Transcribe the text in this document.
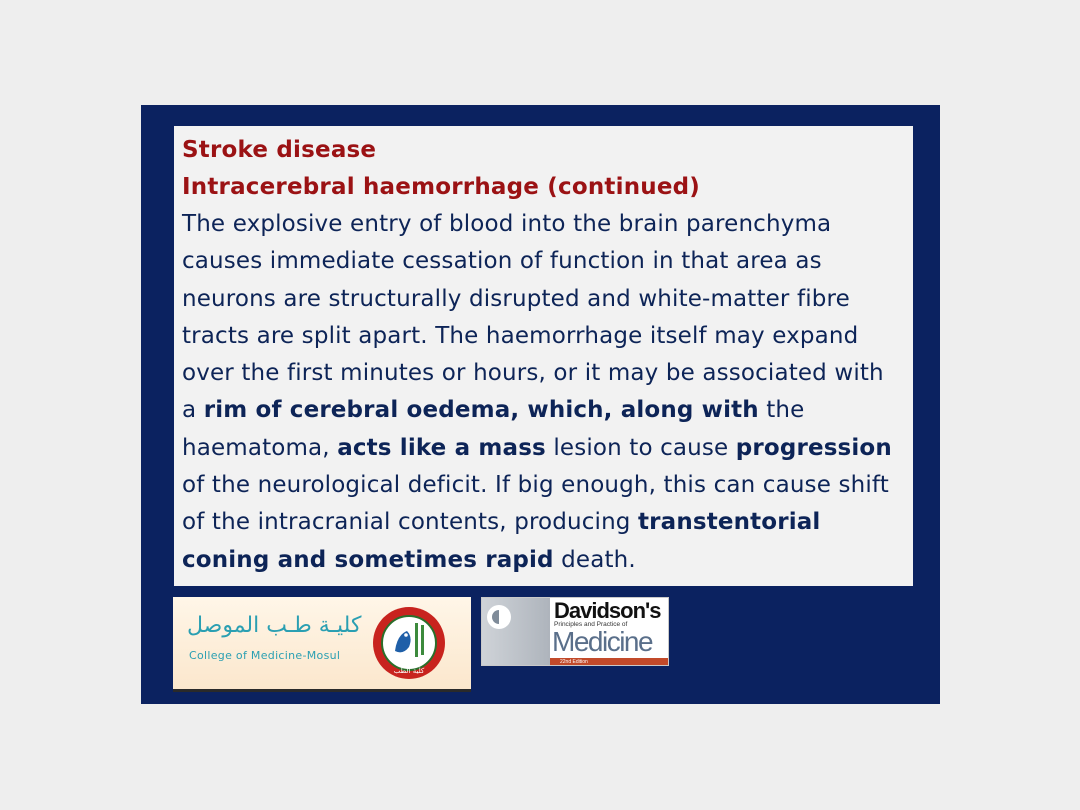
Stroke disease
Intracerebral haemorrhage (continued)
The explosive entry of blood into the brain parenchyma causes immediate cessation of function in that area as neurons are structurally disrupted and white-matter fibre tracts are split apart. The haemorrhage itself may expand over the first minutes or hours, or it may be associated with a rim of cerebral oedema, which, along with the haematoma, acts like a mass lesion to cause progression of the neurological deficit. If big enough, this can cause shift of the intracranial contents, producing transtentorial coning and sometimes rapid death.
كليـة طـب الموصل
College of Medicine-Mosul
كلية الطب
Davidson's
Principles and Practice of
Medicine
22nd Edition
